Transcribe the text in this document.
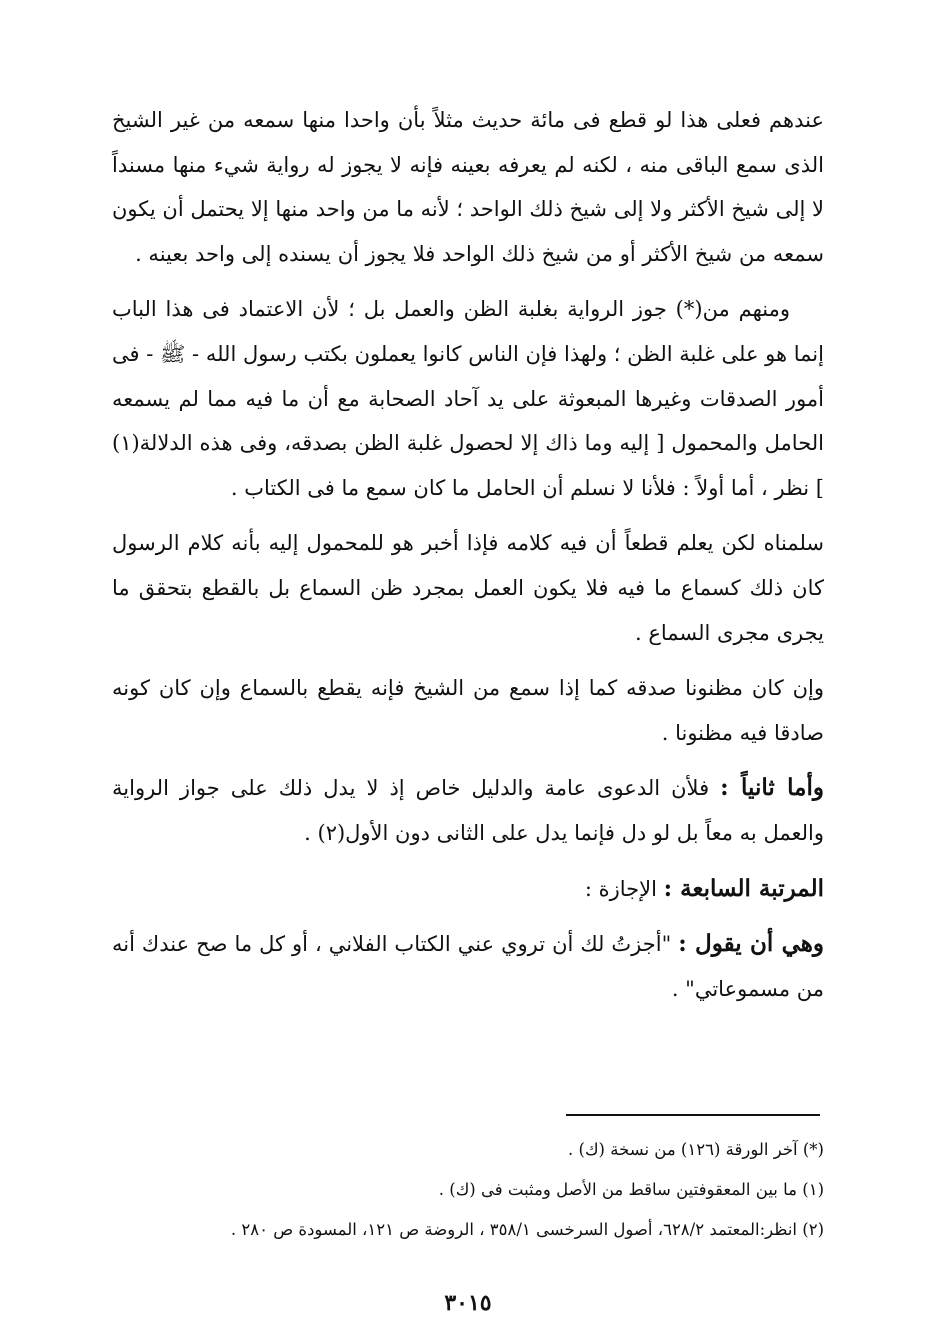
عندهم فعلى هذا لو قطع فى مائة حديث مثلاً بأن واحدا منها سمعه من غير الشيخ الذى سمع الباقى منه ، لكنه لم يعرفه بعينه فإنه لا يجوز له رواية شيء منها مسنداً لا إلى شيخ الأكثر ولا إلى شيخ ذلك الواحد ؛ لأنه ما من واحد منها إلا يحتمل أن يكون سمعه من شيخ الأكثر أو من شيخ ذلك الواحد فلا يجوز أن يسنده إلى واحد بعينه .

ومنهم من(*) جوز الرواية بغلبة الظن والعمل بل ؛ لأن الاعتماد فى هذا الباب إنما هو على غلبة الظن ؛ ولهذا فإن الناس كانوا يعملون بكتب رسول الله - ﷺ - فى أمور الصدقات وغيرها المبعوثة على يد آحاد الصحابة مع أن ما فيه مما لم يسمعه الحامل والمحمول [ إليه وما ذاك إلا لحصول غلبة الظن بصدقه، وفى هذه الدلالة(١) ] نظر ، أما أولاً : فلأنا لا نسلم أن الحامل ما كان سمع ما فى الكتاب .

سلمناه لكن يعلم قطعاً أن فيه كلامه فإذا أخبر هو للمحمول إليه بأنه كلام الرسول كان ذلك كسماع ما فيه فلا يكون العمل بمجرد ظن السماع بل بالقطع بتحقق ما يجرى مجرى السماع .

وإن كان مظنونا صدقه كما إذا سمع من الشيخ فإنه يقطع بالسماع وإن كان كونه صادقا فيه مظنونا .

وأما ثانياً : فلأن الدعوى عامة والدليل خاص إذ لا يدل ذلك على جواز الرواية والعمل به معاً بل لو دل فإنما يدل على الثانى دون الأول(٢) .

المرتبة السابعة : الإجازة :

وهي أن يقول : "أجزتُ لك أن تروي عني الكتاب الفلاني ، أو كل ما صح عندك أنه من مسموعاتي" .

(*) آخر الورقة (١٢٦) من نسخة (ك) .

(١) ما بين المعقوفتين ساقط من الأصل ومثبت فى (ك) .

(٢) انظر:المعتمد ٦٢٨/٢، أصول السرخسى ٣٥٨/١ ، الروضة ص ١٢١، المسودة ص ٢٨٠ .

٣٠١٥
